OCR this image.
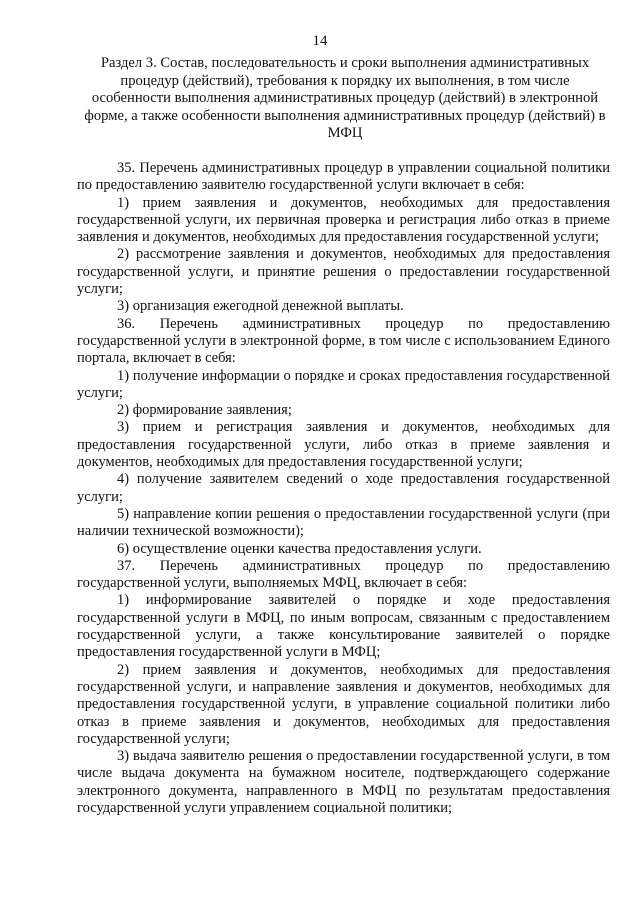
14
Раздел 3. Состав, последовательность и сроки выполнения административных процедур (действий), требования к порядку их выполнения, в том числе особенности выполнения административных процедур (действий) в электронной форме, а также особенности выполнения административных процедур (действий) в МФЦ

35. Перечень административных процедур в управлении социальной политики по предоставлению заявителю государственной услуги включает в себя:

1) прием заявления и документов, необходимых для предоставления государственной услуги, их первичная проверка и регистрация либо отказ в приеме заявления и документов, необходимых для предоставления государственной услуги;

2) рассмотрение заявления и документов, необходимых для предоставления государственной услуги, и принятие решения о предоставлении государственной услуги;

3) организация ежегодной денежной выплаты.

36. Перечень административных процедур по предоставлению государственной услуги в электронной форме, в том числе с использованием Единого портала, включает в себя:

1) получение информации о порядке и сроках предоставления государственной услуги;

2) формирование заявления;

3) прием и регистрация заявления и документов, необходимых для предоставления государственной услуги, либо отказ в приеме заявления и документов, необходимых для предоставления государственной услуги;

4) получение заявителем сведений о ходе предоставления государственной услуги;

5) направление копии решения о предоставлении государственной услуги (при наличии технической возможности);

6) осуществление оценки качества предоставления услуги.

37. Перечень административных процедур по предоставлению государственной услуги, выполняемых МФЦ, включает в себя:

1) информирование заявителей о порядке и ходе предоставления государственной услуги в МФЦ, по иным вопросам, связанным с предоставлением государственной услуги, а также консультирование заявителей о порядке предоставления государственной услуги в МФЦ;

2) прием заявления и документов, необходимых для предоставления государственной услуги, и направление заявления и документов, необходимых для предоставления государственной услуги, в управление социальной политики либо отказ в приеме заявления и документов, необходимых для предоставления государственной услуги;

3) выдача заявителю решения о предоставлении государственной услуги, в том числе выдача документа на бумажном носителе, подтверждающего содержание электронного документа, направленного в МФЦ по результатам предоставления государственной услуги управлением социальной политики;
